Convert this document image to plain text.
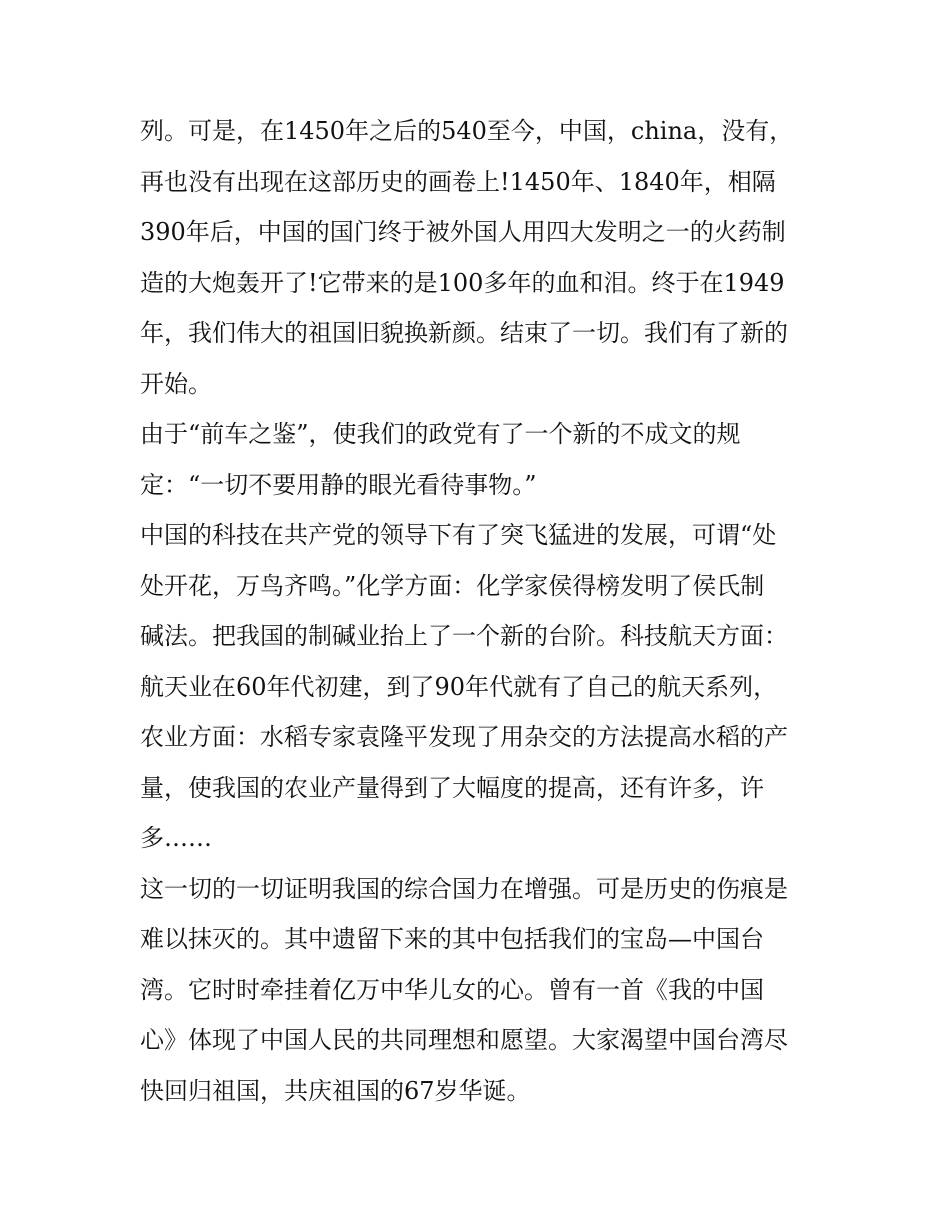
列。可是，在1450年之后的540至今，中国，china，没有，
再也没有出现在这部历史的画卷上!1450年、1840年，相隔
390年后，中国的国门终于被外国人用四大发明之一的火药制
造的大炮轰开了!它带来的是100多年的血和泪。终于在1949
年，我们伟大的祖国旧貌换新颜。结束了一切。我们有了新的
开始。
由于“前车之鉴”，使我们的政党有了一个新的不成文的规
定：“一切不要用静的眼光看待事物。”
中国的科技在共产党的领导下有了突飞猛进的发展，可谓“处
处开花，万鸟齐鸣。”化学方面：化学家侯得榜发明了侯氏制
碱法。把我国的制碱业抬上了一个新的台阶。科技航天方面：
航天业在60年代初建，到了90年代就有了自己的航天系列，
农业方面：水稻专家袁隆平发现了用杂交的方法提高水稻的产
量，使我国的农业产量得到了大幅度的提高，还有许多，许
多……
这一切的一切证明我国的综合国力在增强。可是历史的伤痕是
难以抹灭的。其中遗留下来的其中包括我们的宝岛—中国台
湾。它时时牵挂着亿万中华儿女的心。曾有一首《我的中国
心》体现了中国人民的共同理想和愿望。大家渴望中国台湾尽
快回归祖国，共庆祖国的67岁华诞。
